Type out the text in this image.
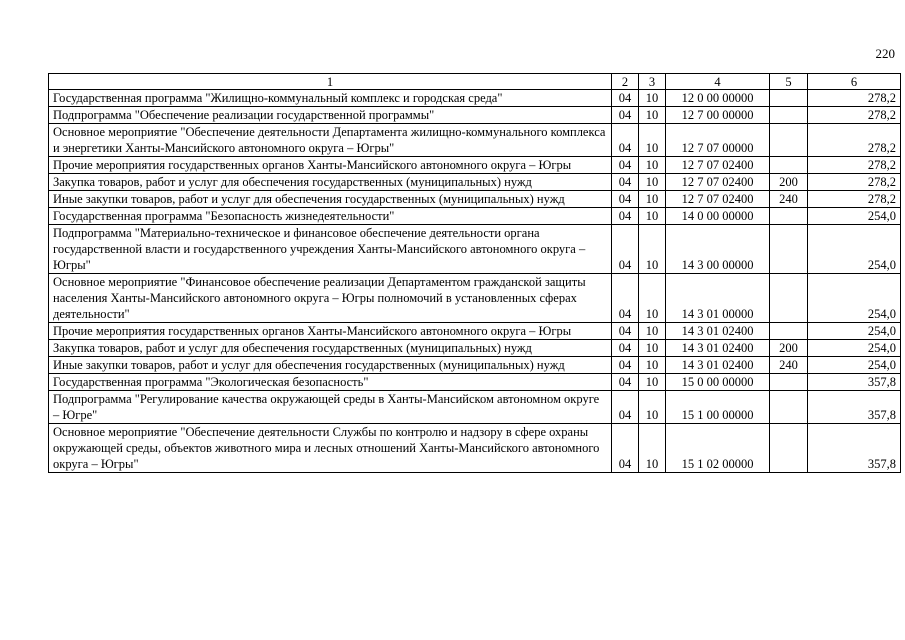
220
1	2	3	4	5	6
Государственная программа "Жилищно-коммунальный комплекс и городская среда"	04	10	12 0 00 00000		278,2
Подпрограмма "Обеспечение реализации государственной программы"	04	10	12 7 00 00000		278,2
Основное мероприятие "Обеспечение деятельности Департамента жилищно-коммунального комплекса и энергетики Ханты-Мансийского автономного округа – Югры"	04	10	12 7 07 00000		278,2
Прочие мероприятия государственных органов Ханты-Мансийского автономного округа – Югры	04	10	12 7 07 02400		278,2
Закупка товаров, работ и услуг для обеспечения государственных (муниципальных) нужд	04	10	12 7 07 02400	200	278,2
Иные закупки товаров, работ и услуг для обеспечения государственных (муниципальных) нужд	04	10	12 7 07 02400	240	278,2
Государственная программа "Безопасность жизнедеятельности"	04	10	14 0 00 00000		254,0
Подпрограмма "Материально-техническое и финансовое обеспечение деятельности органа государственной власти и государственного учреждения Ханты-Мансийского автономного округа – Югры"	04	10	14 3 00 00000		254,0
Основное мероприятие "Финансовое обеспечение реализации Департаментом гражданской защиты населения Ханты-Мансийского автономного округа – Югры полномочий в установленных сферах деятельности"	04	10	14 3 01 00000		254,0
Прочие мероприятия государственных органов Ханты-Мансийского автономного округа – Югры	04	10	14 3 01 02400		254,0
Закупка товаров, работ и услуг для обеспечения государственных (муниципальных) нужд	04	10	14 3 01 02400	200	254,0
Иные закупки товаров, работ и услуг для обеспечения государственных (муниципальных) нужд	04	10	14 3 01 02400	240	254,0
Государственная программа "Экологическая безопасность"	04	10	15 0 00 00000		357,8
Подпрограмма "Регулирование качества окружающей среды в Ханты-Мансийском автономном округе – Югре"	04	10	15 1 00 00000		357,8
Основное мероприятие "Обеспечение деятельности Службы по контролю и надзору в сфере охраны окружающей среды, объектов животного мира и лесных отношений Ханты-Мансийского автономного округа – Югры"	04	10	15 1 02 00000		357,8
